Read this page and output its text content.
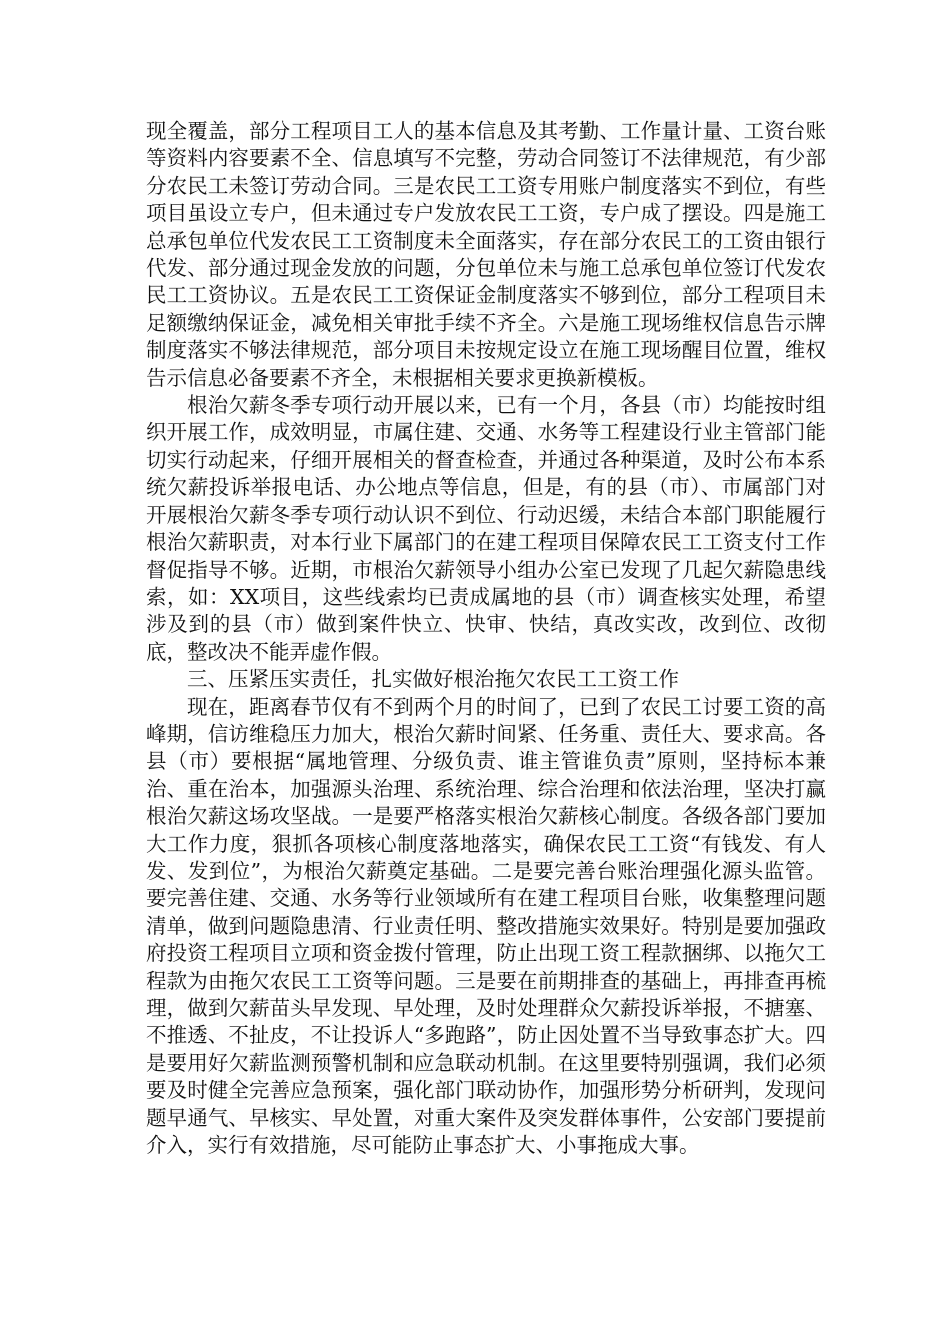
现全覆盖，部分工程项目工人的基本信息及其考勤、工作量计量、工资台账等资料内容要素不全、信息填写不完整，劳动合同签订不法律规范，有少部分农民工未签订劳动合同。三是农民工工资专用账户制度落实不到位，有些项目虽设立专户，但未通过专户发放农民工工资，专户成了摆设。四是施工总承包单位代发农民工工资制度未全面落实，存在部分农民工的工资由银行代发、部分通过现金发放的问题，分包单位未与施工总承包单位签订代发农民工工资协议。五是农民工工资保证金制度落实不够到位，部分工程项目未足额缴纳保证金，减免相关审批手续不齐全。六是施工现场维权信息告示牌制度落实不够法律规范，部分项目未按规定设立在施工现场醒目位置，维权告示信息必备要素不齐全，未根据相关要求更换新模板。

根治欠薪冬季专项行动开展以来，已有一个月，各县（市）均能按时组织开展工作，成效明显，市属住建、交通、水务等工程建设行业主管部门能切实行动起来，仔细开展相关的督查检查，并通过各种渠道，及时公布本系统欠薪投诉举报电话、办公地点等信息，但是，有的县（市）、市属部门对开展根治欠薪冬季专项行动认识不到位、行动迟缓，未结合本部门职能履行根治欠薪职责，对本行业下属部门的在建工程项目保障农民工工资支付工作督促指导不够。近期，市根治欠薪领导小组办公室已发现了几起欠薪隐患线索，如：XX项目，这些线索均已责成属地的县（市）调查核实处理，希望涉及到的县（市）做到案件快立、快审、快结，真改实改，改到位、改彻底，整改决不能弄虚作假。

三、压紧压实责任，扎实做好根治拖欠农民工工资工作

现在，距离春节仅有不到两个月的时间了，已到了农民工讨要工资的高峰期，信访维稳压力加大，根治欠薪时间紧、任务重、责任大、要求高。各县（市）要根据“属地管理、分级负责、谁主管谁负责”原则，坚持标本兼治、重在治本，加强源头治理、系统治理、综合治理和依法治理，坚决打赢根治欠薪这场攻坚战。一是要严格落实根治欠薪核心制度。各级各部门要加大工作力度，狠抓各项核心制度落地落实，确保农民工工资“有钱发、有人发、发到位”，为根治欠薪奠定基础。二是要完善台账治理强化源头监管。要完善住建、交通、水务等行业领域所有在建工程项目台账，收集整理问题清单，做到问题隐患清、行业责任明、整改措施实效果好。特别是要加强政府投资工程项目立项和资金拨付管理，防止出现工资工程款捆绑、以拖欠工程款为由拖欠农民工工资等问题。三是要在前期排查的基础上，再排查再梳理，做到欠薪苗头早发现、早处理，及时处理群众欠薪投诉举报，不搪塞、不推透、不扯皮，不让投诉人“多跑路”，防止因处置不当导致事态扩大。四是要用好欠薪监测预警机制和应急联动机制。在这里要特别强调，我们必须要及时健全完善应急预案，强化部门联动协作，加强形势分析研判，发现问题早通气、早核实、早处置，对重大案件及突发群体事件，公安部门要提前介入，实行有效措施，尽可能防止事态扩大、小事拖成大事。
